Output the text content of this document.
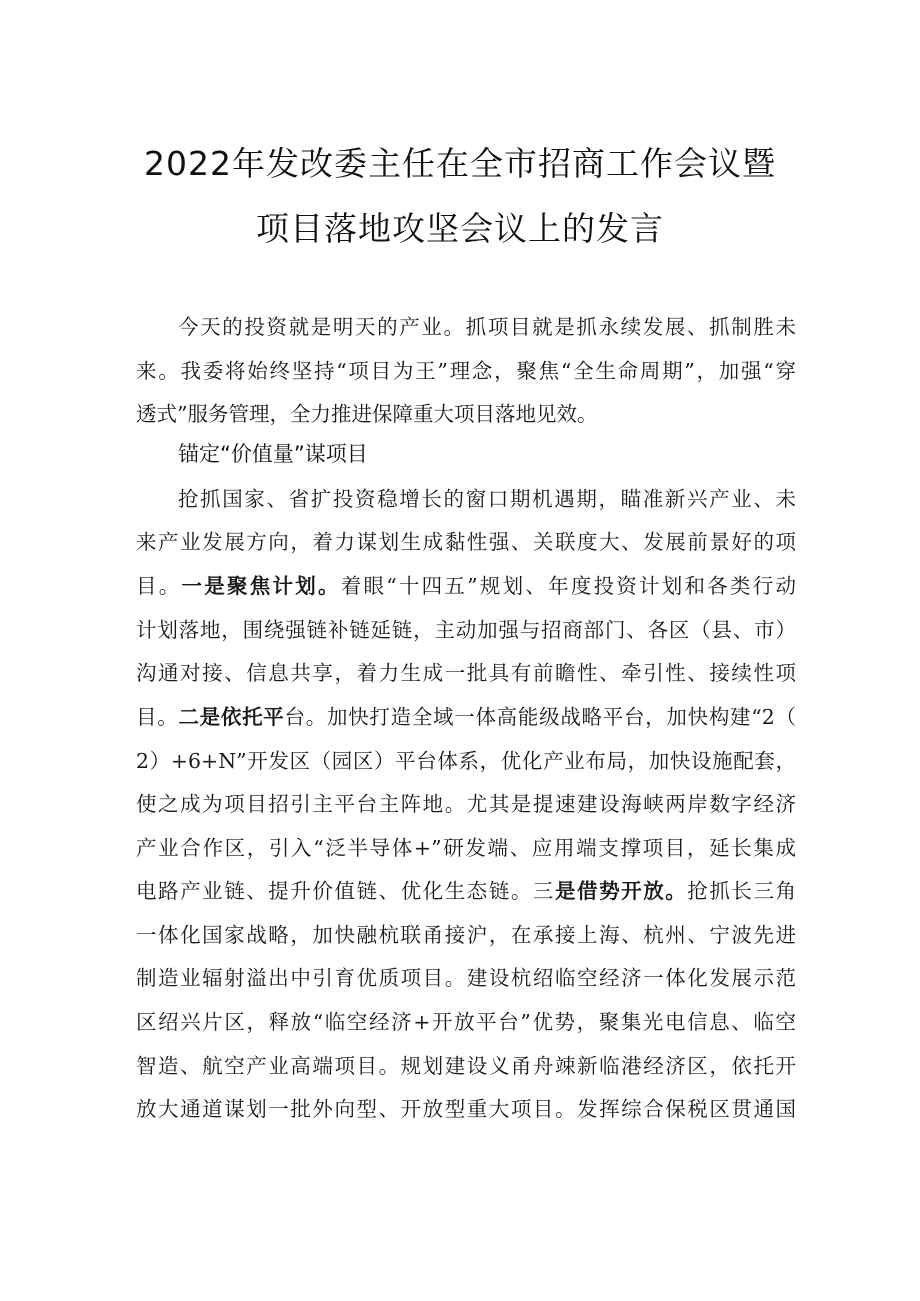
2022年发改委主任在全市招商工作会议暨
项目落地攻坚会议上的发言
今天的投资就是明天的产业。抓项目就是抓永续发展、抓制胜未
来。我委将始终坚持“项目为王”理念，聚焦“全生命周期”，加强“穿
透式”服务管理，全力推进保障重大项目落地见效。
锚定“价值量”谋项目
抢抓国家、省扩投资稳增长的窗口期机遇期，瞄准新兴产业、未
来产业发展方向，着力谋划生成黏性强、关联度大、发展前景好的项
目。一是聚焦计划。着眼“十四五”规划、年度投资计划和各类行动
计划落地，围绕强链补链延链，主动加强与招商部门、各区（县、市）
沟通对接、信息共享，着力生成一批具有前瞻性、牵引性、接续性项
目。二是依托平台。加快打造全域一体高能级战略平台，加快构建“2（
2）+6+N”开发区（园区）平台体系，优化产业布局，加快设施配套，
使之成为项目招引主平台主阵地。尤其是提速建设海峡两岸数字经济
产业合作区，引入“泛半导体+”研发端、应用端支撑项目，延长集成
电路产业链、提升价值链、优化生态链。三是借势开放。抢抓长三角
一体化国家战略，加快融杭联甬接沪，在承接上海、杭州、宁波先进
制造业辐射溢出中引育优质项目。建设杭绍临空经济一体化发展示范
区绍兴片区，释放“临空经济+开放平台”优势，聚集光电信息、临空
智造、航空产业高端项目。规划建设义甬舟竦新临港经济区，依托开
放大通道谋划一批外向型、开放型重大项目。发挥综合保税区贯通国
